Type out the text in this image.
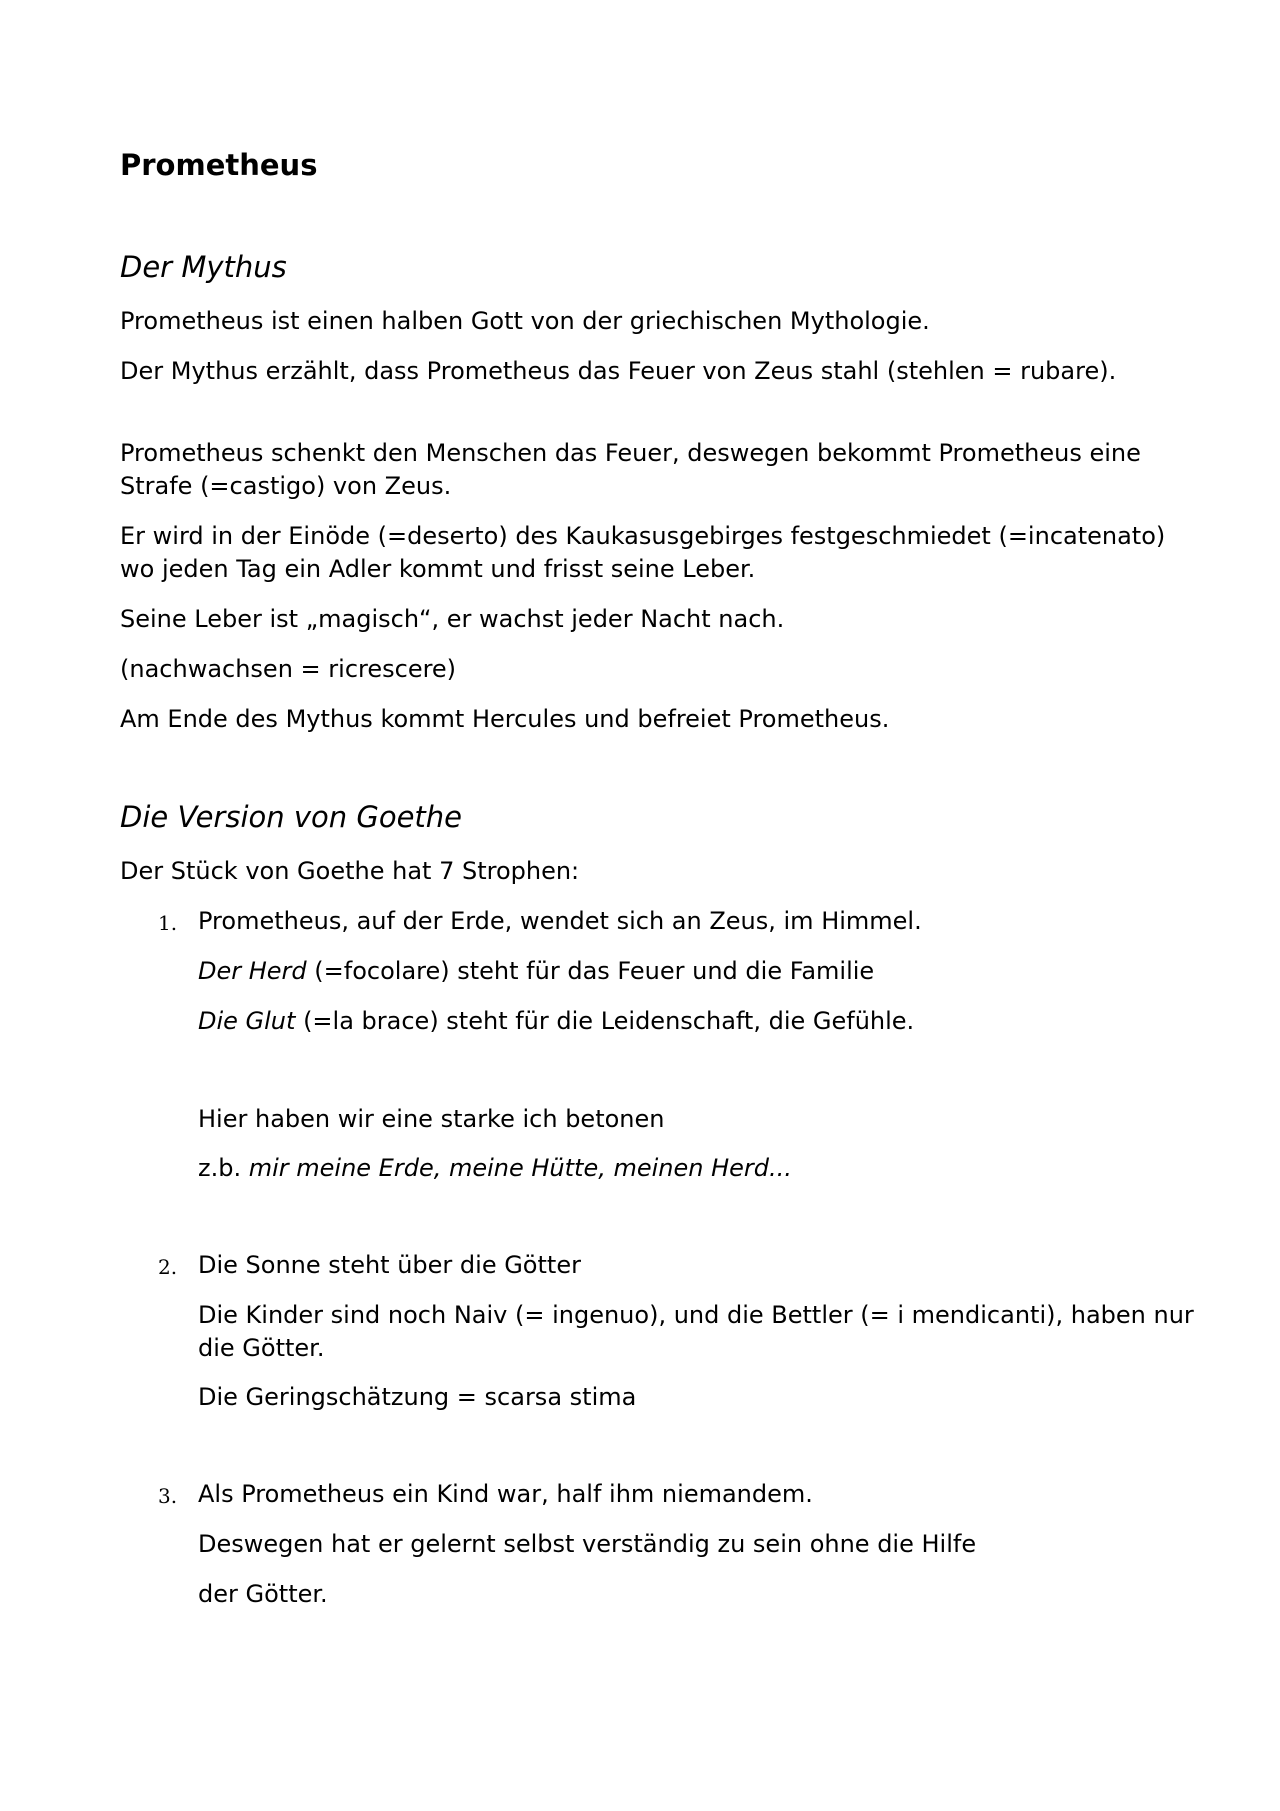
Prometheus
Der Mythus

Prometheus ist einen halben Gott von der griechischen Mythologie.

Der Mythus erzählt, dass Prometheus das Feuer von Zeus stahl (stehlen = rubare).

Prometheus schenkt den Menschen das Feuer, deswegen bekommt Prometheus eine Strafe (=castigo) von Zeus.

Er wird in der Einöde (=deserto) des Kaukasusgebirges festgeschmiedet (=incatenato) wo jeden Tag ein Adler kommt und frisst seine Leber.

Seine Leber ist „magisch“, er wachst jeder Nacht nach.

(nachwachsen = ricrescere)

Am Ende des Mythus kommt Hercules und befreiet Prometheus.

Die Version von Goethe

Der Stück von Goethe hat 7 Strophen:

1. Prometheus, auf der Erde, wendet sich an Zeus, im Himmel.

Der Herd (=focolare) steht für das Feuer und die Familie

Die Glut (=la brace) steht für die Leidenschaft, die Gefühle.

Hier haben wir eine starke ich betonen

z.b. mir meine Erde, meine Hütte, meinen Herd...

2. Die Sonne steht über die Götter

Die Kinder sind noch Naiv (= ingenuo), und die Bettler (= i mendicanti), haben nur die Götter.

Die Geringschätzung = scarsa stima

3. Als Prometheus ein Kind war, half ihm niemandem.

Deswegen hat er gelernt selbst verständig zu sein ohne die Hilfe

der Götter.
